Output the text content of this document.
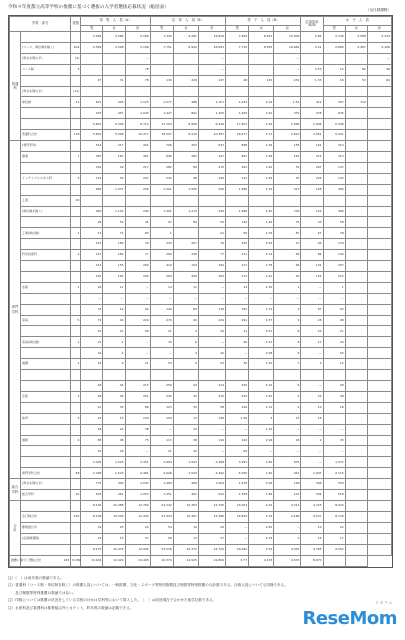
令和４年度都立高等学校の推薦に基づく選抜の入学者選抜応募状況（総括表）	（全日制課程）
学科・部分		校数	募　集　人　員（A）			応　募　人　員（B）			男　子　人　員（B）			応募倍率（B/A）	女　子　人　員		
			男	女	計	男	女	計	男	女	計		男	女	計
普通科			2,584	2,584	5,168	7,330	9,281	16,629	7,466	8,543	15,909	2.84	2,746	2,588	5,334
	(コース、単位制を除く)	104	2,599	2,598	5,198	7,751	8,942	16,693	7,734	8,935	16,669	3.21	2,689	2,487	5,166
	(男女を問わず)	(4)			—			—			—				—
	コース制	3			78			—			—	2.53	14	82	96
			47	31	78	139	229	147	48	145	232	1.33	16	53	69
	(男女を問わず)	(11)													
	単位制	11	607	404	1,123	1,577	488	1,107	1,023	2,16	1.51	412	307	719	
			475	457	1,043	1,427	891	1,305	1,405	1.61	379	378	635		
			5,801	6,309	6,714	17,753	8,966	6,449	17,607	2.94	2,996	2,996	6,306		
	普通科合計	118	5,801	5,098	10,377	18,507	8,219	10,387	18,477	3.17	2,610	2,561	5,201		
専門学科	(専門学科)		514	217	401	706	252	647	898	1.39	183	101	314		
	農業	7	387	167	401	646	282	447	891	1.58	161	214	313		
			434	49	217	282	89	215	281	1.62	35	267	147		
	インテリアビジネス科	2	115	52	207	242	98	249	241	1.82	35	224	142		
			969	1,037	290	1,291	1,505	256	1,286	1.34	327	128	466		
	工業	20													
	(単位制を除く)		960	1,122	249	1,391	1,213	249	1,286	1.40	709	122	466		
			26	52	45	97	80	50	130	1.46	75	33	58		
	工業(単位制)	1	13	71	84	1		21	56	1.05	87	67	78		
			147	180	76	239	267	76	322	2.52	47	95	170		
	科学技術科	2	147	180	77	269	236	77	311	2.12	46	84	140		
			211	155	264	419	154	292	417	2.78	96	131	207		
			161	162	202	264	440	162	213	1.61	90	125	215		
	水産	1	26	11	—	14	11	—	14	2.30	1	—	1		
			—	—	—	—	—	—	—	—	—	—	—		
			33	19	90	149	80	118	162	1.74	3	87	92		
	家庭	5	72	40	224	279	40	224	291	1.57	9	28	48		
			15	21	56	21	4	29	21	2.51	8	24	21		
	家庭(単位制)	1	21	2	—	30	6	—	36	2.47	8	17	43		
			16	4	—	—	4	42	—	2.08	6	—	50		
	看護	1	14	9	21	53	9	53	30	1.50	7	4	12		

			46	44	215	259	44	214	259	5.10	6	—	28		
	芸術	3	48	44	251	242	44	215	242	2.45	5	22	38		
			41	35	88	123	35	58	126	1.31	2	10	18		
	体育	2	42	13	129	150	13	128	1.26	3	13	18			
			18	20	38	—	20	—	—	1.10	—	—	—		
	国際	4	85	38	75	113	38	119	120	2.94	18	9	35		
			32	26	—	21	42	—	69	—	—	—	—		
			2,405	1,593	2,351	3,994	1,593	2,398	3,991	1.60	875	—	1,537		
	専門学科合計	58	2,396	1,523	2,481	4,026	1,523	2,392	4,055	1.60	941	1,097	2,115		
総合学科	(男女を問わず)		775	400	1,034	1,484	489	1,009	1,476	2.06	148	398	533		
	総合学科	10	678	461	1,053	1,351	461	922	1,358	1.89	124	394	518		
合　計			8,105	10,488	12,764	23,242	10,363	12,795	23,053	2.42	4,311	4,723	8,933		
	全日制合計	182	8,108	10,539	12,435	23,434	10,361	12,486	22,843	2.39	4,189	4,537	8,726		
	都教組以外		19	25	20	54	19	20	—	2.65	—	10	22		
	(定時制課程)		19	13	37	58	13	37	—	2.79	1	16	17		
			8,175	10,476	12,945	23,218	10,372	12,720	23,092	2.52	4,367	4,765	9,052		
推薦に基づく選抜合計	183	8,180	10,634	12,429	23,495	10,374	12,525	22,899	2.77	4,133	4,537	8,670			
注）（　）は前年度の数値である。
注）普通科（コース制・単位制を除く）の推薦人員については、一般推薦、文化・スポーツ等特別推薦及び理数等特別推薦の合計数である。合格人員についても同様である。
　　及び理数等特別推薦の数値ではない。
注）印数については推薦の状況をしている学校のほかは学科等において算入した。［　］は前回現在で合わせた留学社数である。
注）水産科及び看護科は都教組以外とカウント、昨年度の数値は記載できる。
リセマム
ReseMom
